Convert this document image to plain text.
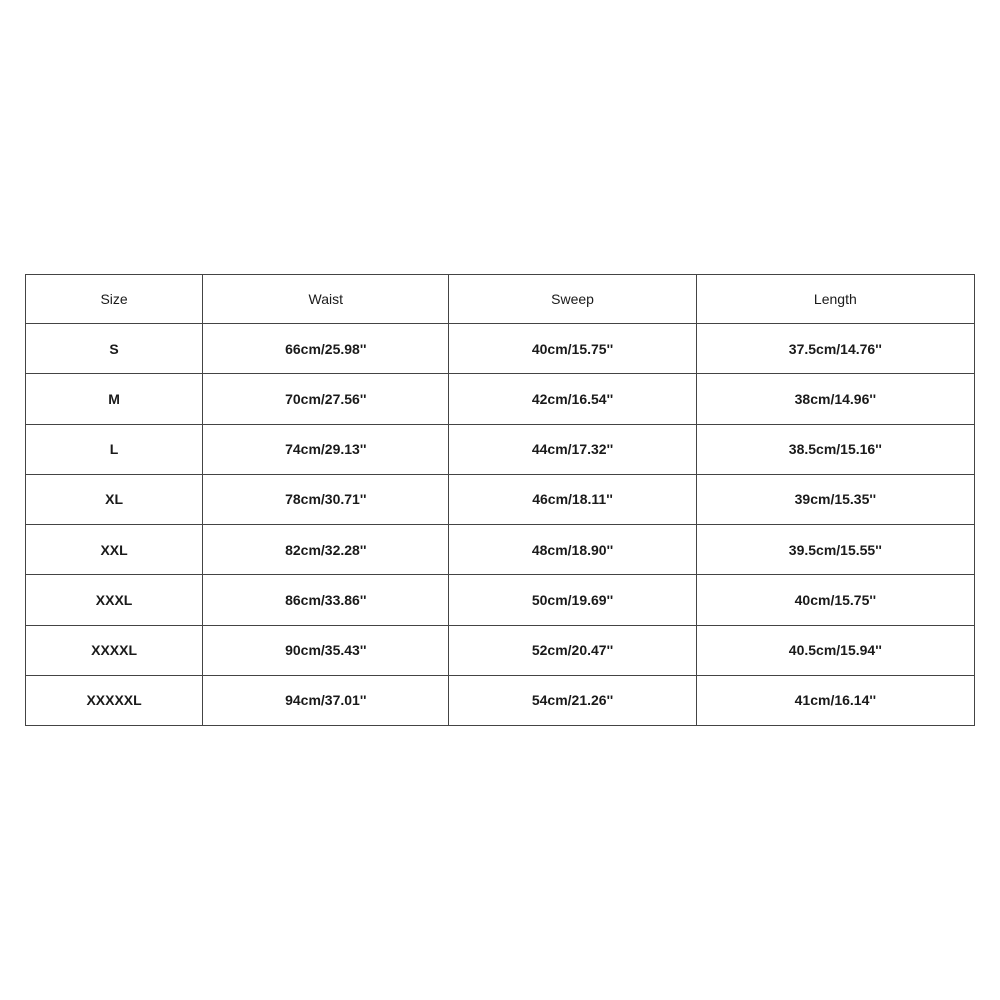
Size	Waist	Sweep	Length
S	66cm/25.98''	40cm/15.75''	37.5cm/14.76''
M	70cm/27.56''	42cm/16.54''	38cm/14.96''
L	74cm/29.13''	44cm/17.32''	38.5cm/15.16''
XL	78cm/30.71''	46cm/18.11''	39cm/15.35''
XXL	82cm/32.28''	48cm/18.90''	39.5cm/15.55''
XXXL	86cm/33.86''	50cm/19.69''	40cm/15.75''
XXXXL	90cm/35.43''	52cm/20.47''	40.5cm/15.94''
XXXXXL	94cm/37.01''	54cm/21.26''	41cm/16.14''
